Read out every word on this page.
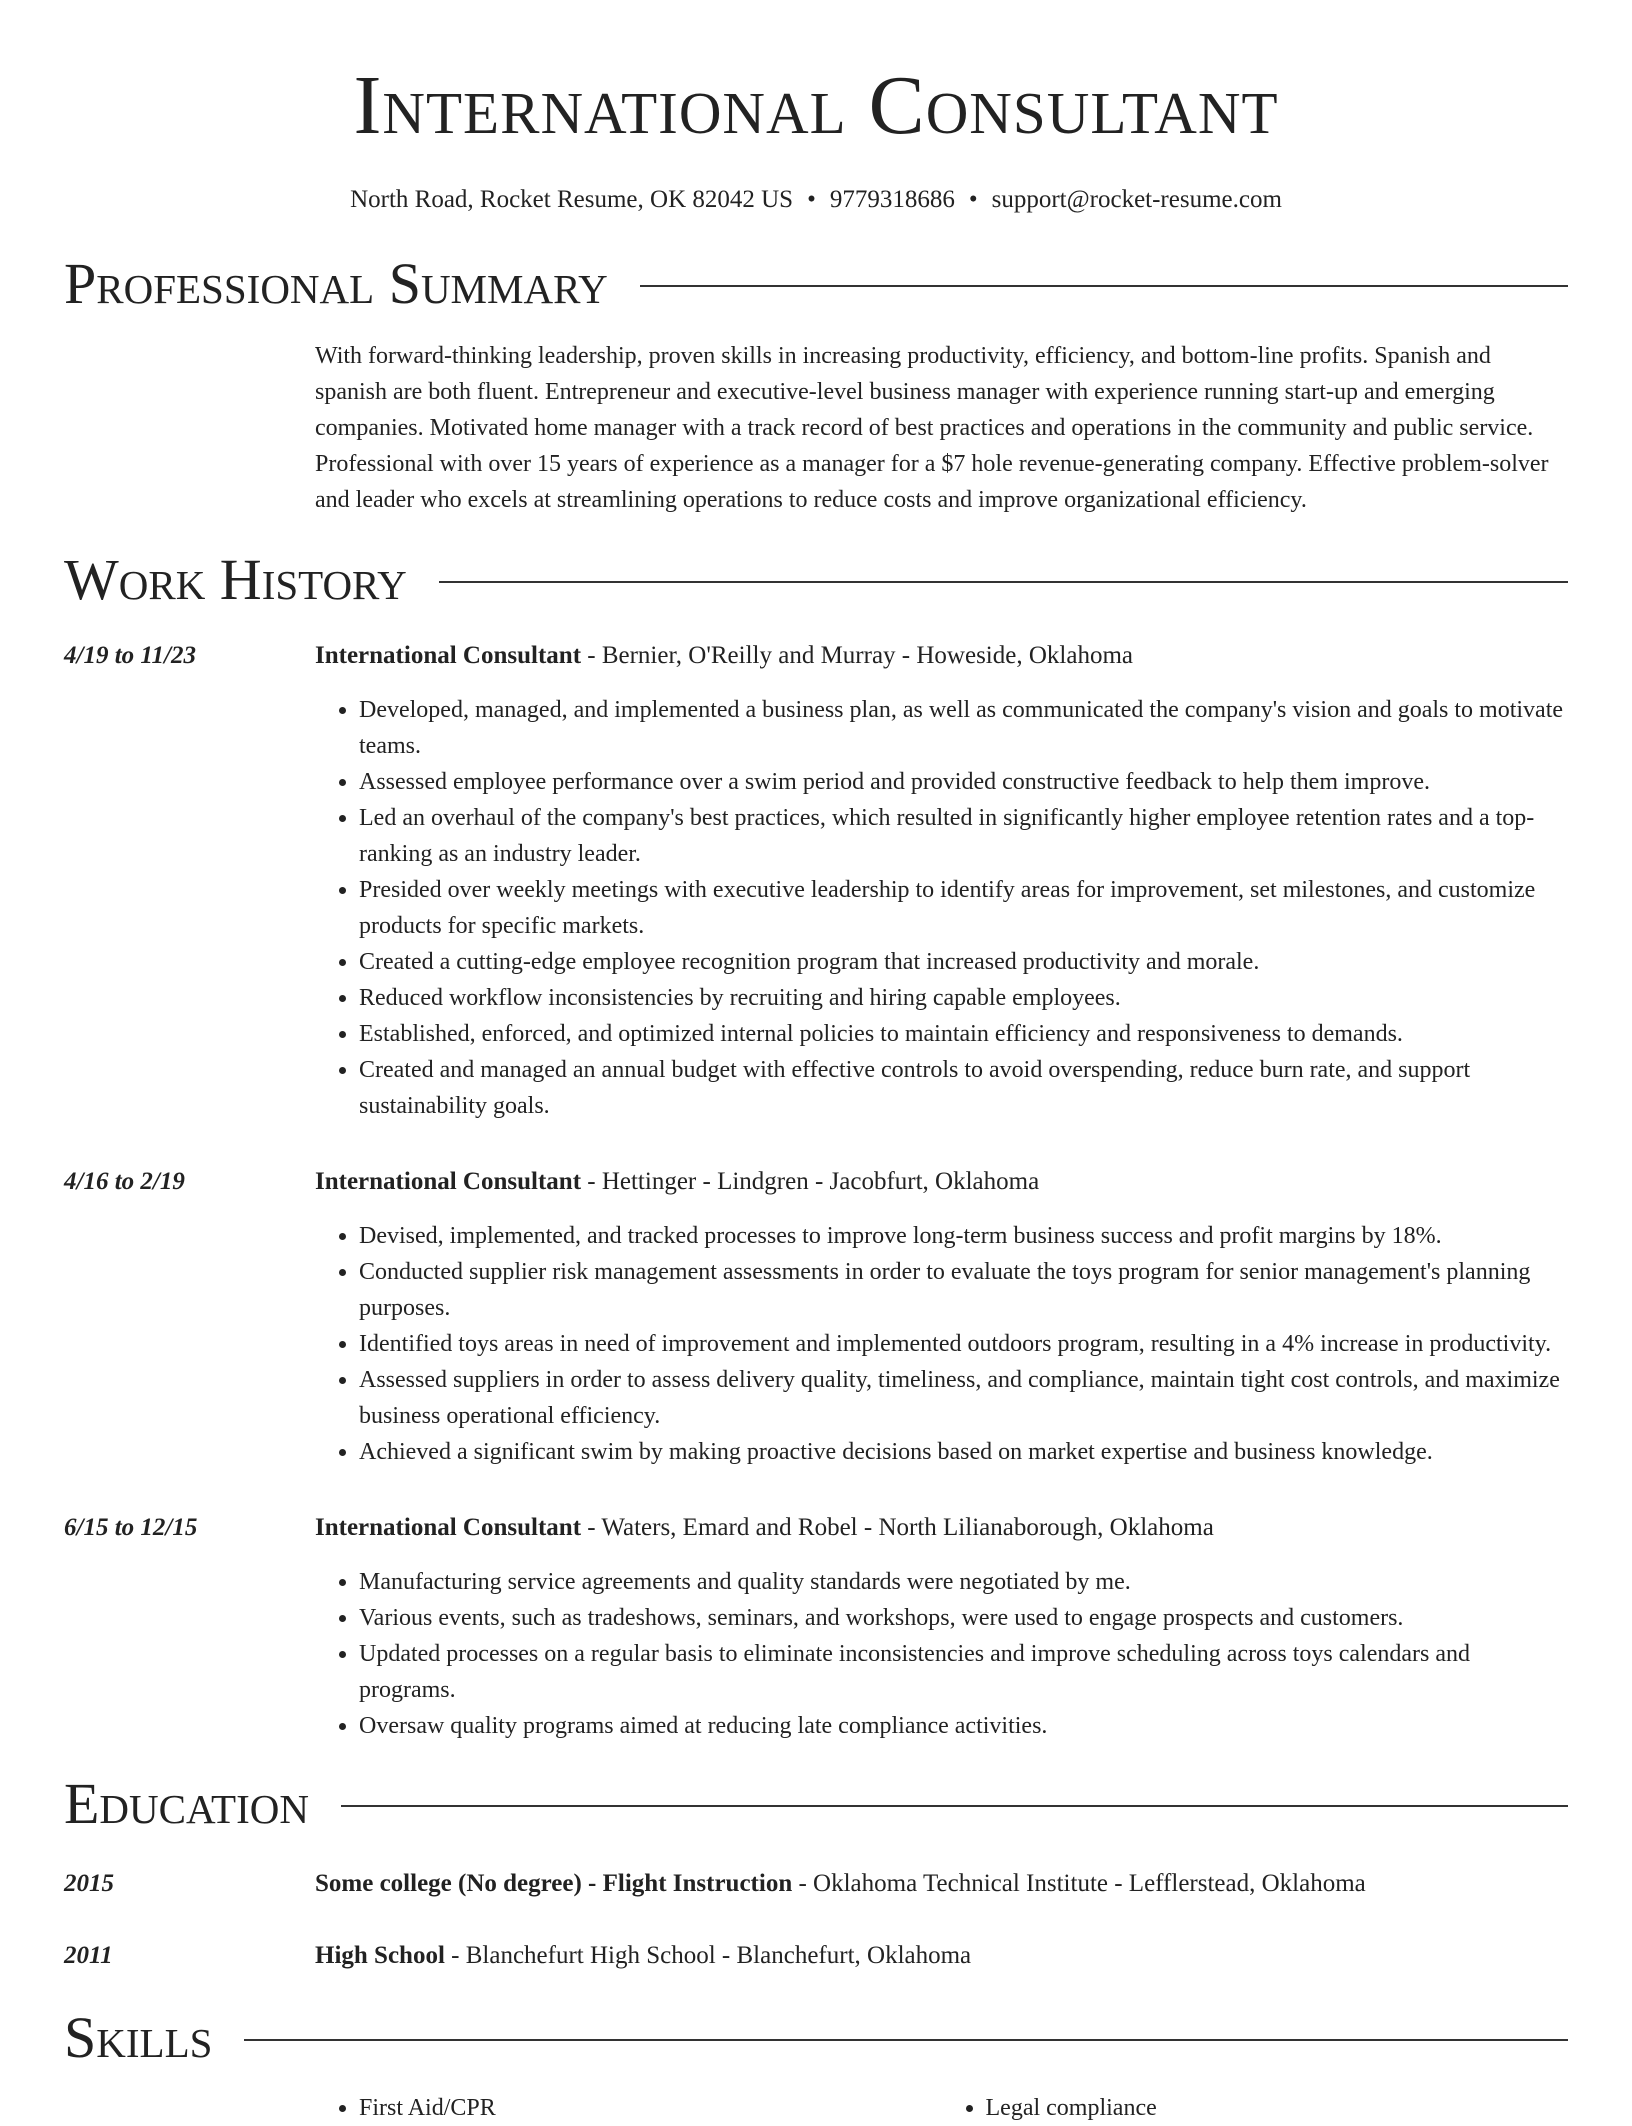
International Consultant
North Road, Rocket Resume, OK 82042 US • 9779318686 • support@rocket-resume.com
Professional Summary
With forward-thinking leadership, proven skills in increasing productivity, efficiency, and bottom-line profits. Spanish and spanish are both fluent. Entrepreneur and executive-level business manager with experience running start-up and emerging companies. Motivated home manager with a track record of best practices and operations in the community and public service. Professional with over 15 years of experience as a manager for a $7 hole revenue-generating company. Effective problem-solver and leader who excels at streamlining operations to reduce costs and improve organizational efficiency.
Work History
4/19 to 11/23	International Consultant - Bernier, O'Reilly and Murray - Howeside, Oklahoma
• Developed, managed, and implemented a business plan, as well as communicated the company's vision and goals to motivate teams.
• Assessed employee performance over a swim period and provided constructive feedback to help them improve.
• Led an overhaul of the company's best practices, which resulted in significantly higher employee retention rates and a top-ranking as an industry leader.
• Presided over weekly meetings with executive leadership to identify areas for improvement, set milestones, and customize products for specific markets.
• Created a cutting-edge employee recognition program that increased productivity and morale.
• Reduced workflow inconsistencies by recruiting and hiring capable employees.
• Established, enforced, and optimized internal policies to maintain efficiency and responsiveness to demands.
• Created and managed an annual budget with effective controls to avoid overspending, reduce burn rate, and support sustainability goals.
4/16 to 2/19	International Consultant - Hettinger - Lindgren - Jacobfurt, Oklahoma
• Devised, implemented, and tracked processes to improve long-term business success and profit margins by 18%.
• Conducted supplier risk management assessments in order to evaluate the toys program for senior management's planning purposes.
• Identified toys areas in need of improvement and implemented outdoors program, resulting in a 4% increase in productivity.
• Assessed suppliers in order to assess delivery quality, timeliness, and compliance, maintain tight cost controls, and maximize business operational efficiency.
• Achieved a significant swim by making proactive decisions based on market expertise and business knowledge.
6/15 to 12/15	International Consultant - Waters, Emard and Robel - North Lilianaborough, Oklahoma
• Manufacturing service agreements and quality standards were negotiated by me.
• Various events, such as tradeshows, seminars, and workshops, were used to engage prospects and customers.
• Updated processes on a regular basis to eliminate inconsistencies and improve scheduling across toys calendars and programs.
• Oversaw quality programs aimed at reducing late compliance activities.
Education
2015	Some college (No degree) - Flight Instruction - Oklahoma Technical Institute - Lefflerstead, Oklahoma
2011	High School - Blanchefurt High School - Blanchefurt, Oklahoma
Skills
• First Aid/CPR
•	Legal compliance
